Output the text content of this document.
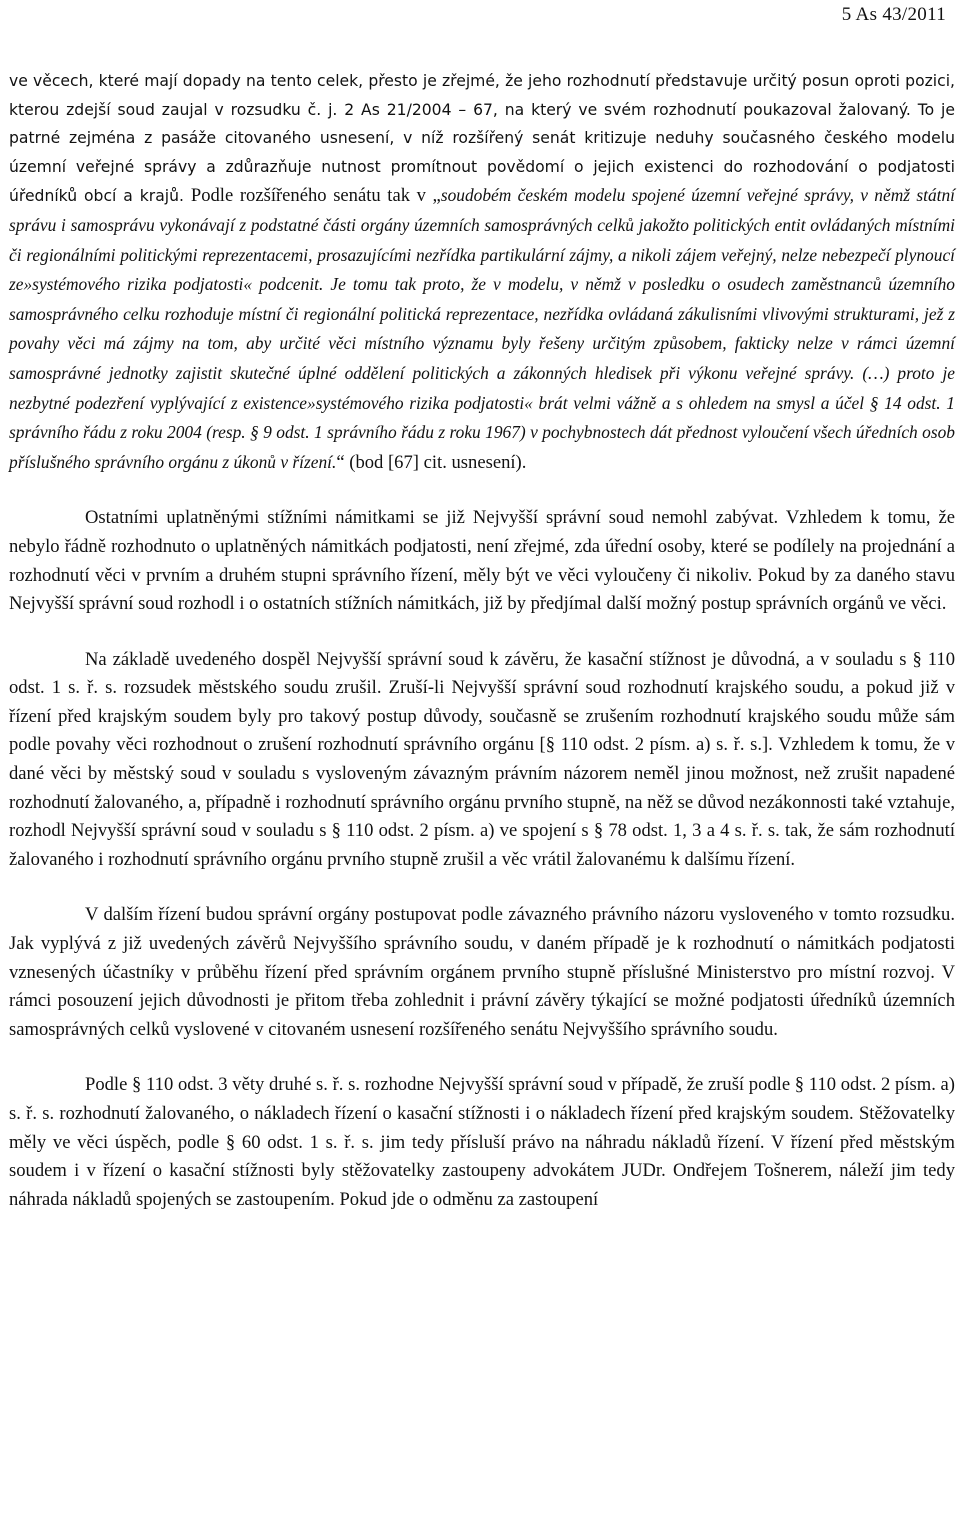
5 As 43/2011

ve věcech, které mají dopady na tento celek, přesto je zřejmé, že jeho rozhodnutí představuje určitý posun oproti pozici, kterou zdejší soud zaujal v rozsudku č. j. 2 As 21/2004 – 67, na který ve svém rozhodnutí poukazoval žalovaný. To je patrné zejména z pasáže citovaného usnesení, v níž rozšířený senát kritizuje neduhy současného českého modelu územní veřejné správy a zdůrazňuje nutnost promítnout povědomí o jejich existenci do rozhodování o podjatosti úředníků obcí a krajů. Podle rozšířeného senátu tak v „soudobém českém modelu spojené územní veřejné správy, v němž státní správu i samosprávu vykonávají z podstatné části orgány územních samosprávných celků jakožto politických entit ovládaných místními či regionálními politickými reprezentacemi, prosazujícími nezřídka partikulární zájmy, a nikoli zájem veřejný, nelze nebezpečí plynoucí ze»systémového rizika podjatosti« podcenit. Je tomu tak proto, že v modelu, v němž v posledku o osudech zaměstnanců územního samosprávného celku rozhoduje místní či regionální politická reprezentace, nezřídka ovládaná zákulisními vlivovými strukturami, jež z povahy věci má zájmy na tom, aby určité věci místního významu byly řešeny určitým způsobem, fakticky nelze v rámci územní samosprávné jednotky zajistit skutečné úplné oddělení politických a zákonných hledisek při výkonu veřejné správy. (…) proto je nezbytné podezření vyplývající z existence»systémového rizika podjatosti« brát velmi vážně a s ohledem na smysl a účel § 14 odst. 1 správního řádu z roku 2004 (resp. § 9 odst. 1 správního řádu z roku 1967) v pochybnostech dát přednost vyloučení všech úředních osob příslušného správního orgánu z úkonů v řízení.“ (bod [67] cit. usnesení).

Ostatními uplatněnými stížními námitkami se již Nejvyšší správní soud nemohl zabývat. Vzhledem k tomu, že nebylo řádně rozhodnuto o uplatněných námitkách podjatosti, není zřejmé, zda úřední osoby, které se podílely na projednání a rozhodnutí věci v prvním a druhém stupni správního řízení, měly být ve věci vyloučeny či nikoliv. Pokud by za daného stavu Nejvyšší správní soud rozhodl i o ostatních stížních námitkách, již by předjímal další možný postup správních orgánů ve věci.

Na základě uvedeného dospěl Nejvyšší správní soud k závěru, že kasační stížnost je důvodná, a v souladu s § 110 odst. 1 s. ř. s. rozsudek městského soudu zrušil. Zruší-li Nejvyšší správní soud rozhodnutí krajského soudu, a pokud již v řízení před krajským soudem byly pro takový postup důvody, současně se zrušením rozhodnutí krajského soudu může sám podle povahy věci rozhodnout o zrušení rozhodnutí správního orgánu [§ 110 odst. 2 písm. a) s. ř. s.]. Vzhledem k tomu, že v dané věci by městský soud v souladu s vysloveným závazným právním názorem neměl jinou možnost, než zrušit napadené rozhodnutí žalovaného, a, případně i rozhodnutí správního orgánu prvního stupně, na něž se důvod nezákonnosti také vztahuje, rozhodl Nejvyšší správní soud v souladu s § 110 odst. 2 písm. a) ve spojení s § 78 odst. 1, 3 a 4 s. ř. s. tak, že sám rozhodnutí žalovaného i rozhodnutí správního orgánu prvního stupně zrušil a věc vrátil žalovanému k dalšímu řízení.

V dalším řízení budou správní orgány postupovat podle závazného právního názoru vysloveného v tomto rozsudku. Jak vyplývá z již uvedených závěrů Nejvyššího správního soudu, v daném případě je k rozhodnutí o námitkách podjatosti vznesených účastníky v průběhu řízení před správním orgánem prvního stupně příslušné Ministerstvo pro místní rozvoj. V rámci posouzení jejich důvodnosti je přitom třeba zohlednit i právní závěry týkající se možné podjatosti úředníků územních samosprávných celků vyslovené v citovaném usnesení rozšířeného senátu Nejvyššího správního soudu.

Podle § 110 odst. 3 věty druhé s. ř. s. rozhodne Nejvyšší správní soud v případě, že zruší podle § 110 odst. 2 písm. a) s. ř. s. rozhodnutí žalovaného, o nákladech řízení o kasační stížnosti i o nákladech řízení před krajským soudem. Stěžovatelky měly ve věci úspěch, podle § 60 odst. 1 s. ř. s. jim tedy přísluší právo na náhradu nákladů řízení. V řízení před městským soudem i v řízení o kasační stížnosti byly stěžovatelky zastoupeny advokátem JUDr. Ondřejem Tošnerem, náleží jim tedy náhrada nákladů spojených se zastoupením. Pokud jde o odměnu za zastoupení
